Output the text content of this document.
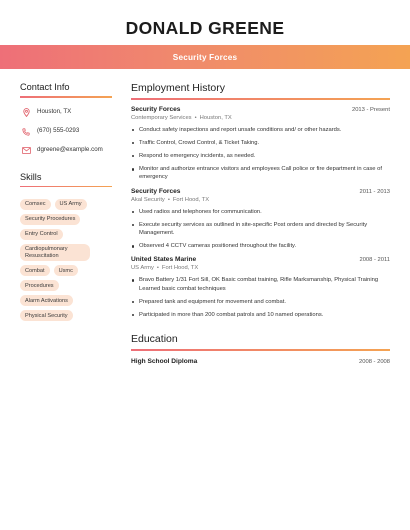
DONALD GREENE
Security Forces
Contact Info
Houston, TX
(670) 555-0293
dgreene@example.com
Skills
Comsec	US Army
Security Procedures
Entry Control
Cardiopulmonary Resuscitation
Combat	Usmc
Procedures
Alarm Activations
Physical Security
Employment History
Security Forces	2013 - Present
Contemporary Services • Houston, TX
Conduct safety inspections and report unsafe conditions and/ or other hazards.
Traffic Control, Crowd Control, & Ticket Taking.
Respond to emergency incidents, as needed.
Monitor and authorize entrance visitors and employees Call police or fire department in case of emergency
Security Forces	2011 - 2013
Akal Security • Fort Hood, TX
Used radios and telephones for communication.
Execute security services as outlined in site-specific Post orders and directed by Security Management.
Observed 4 CCTV cameras positioned throughout the facility.
United States Marine	2008 - 2011
US Army • Fort Hood, TX
Bravo Battery 1/31 Fort Sill, OK Basic combat training, Rifle Marksmanship, Physical Training Learned basic combat techniques
Prepared tank and equipment for movement and combat.
Participated in more than 200 combat patrols and 10 named operations.
Education
High School Diploma	2008 - 2008
